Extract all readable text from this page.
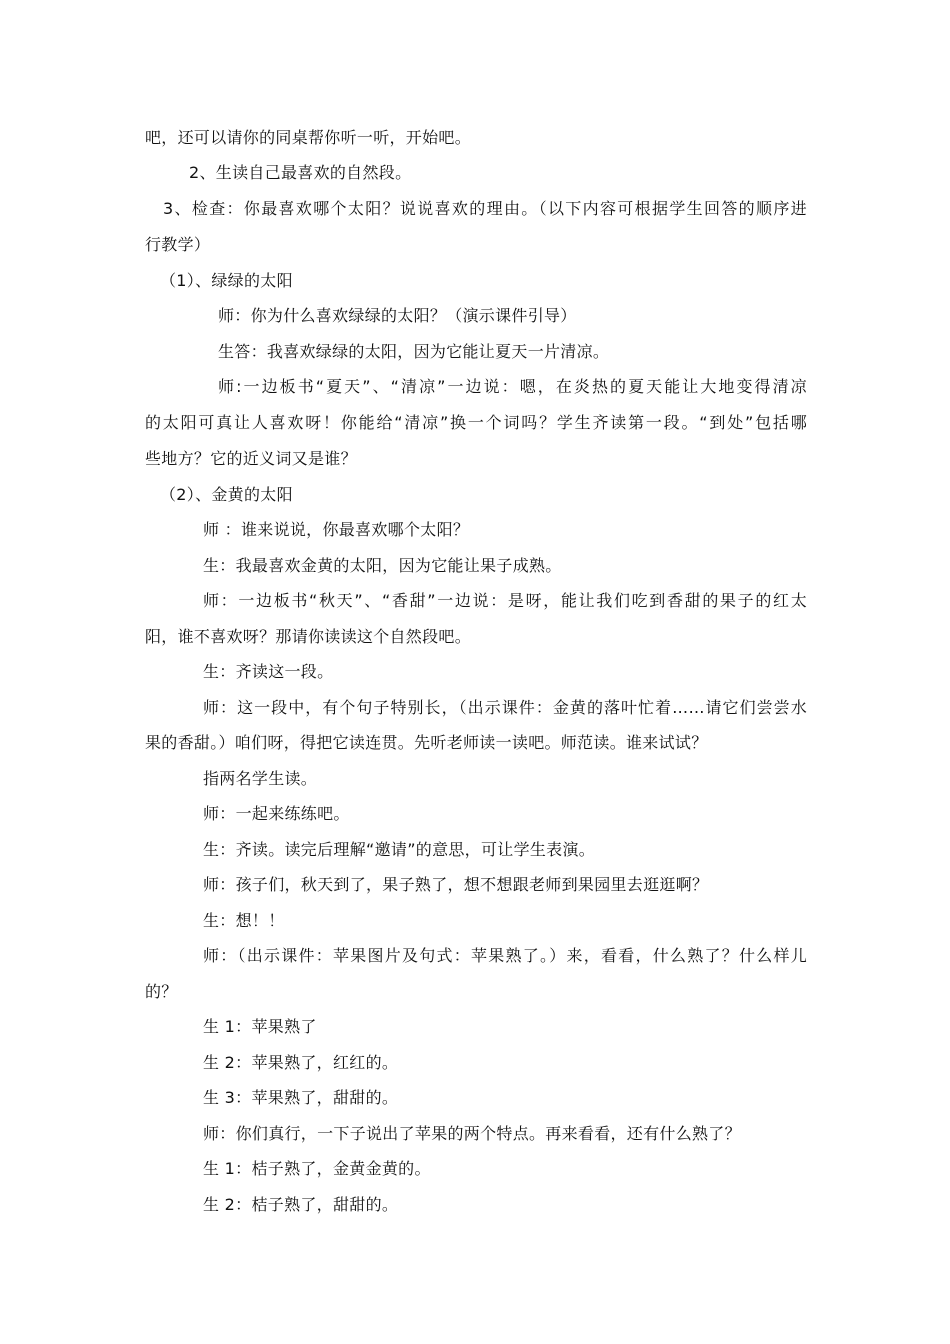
吧，还可以请你的同桌帮你听一听，开始吧。
2、生读自己最喜欢的自然段。
3、检查：你最喜欢哪个太阳？说说喜欢的理由。（以下内容可根据学生回答的顺序进
行教学）
（1）、绿绿的太阳
师：你为什么喜欢绿绿的太阳？（演示课件引导）
生答：我喜欢绿绿的太阳，因为它能让夏天一片清凉。
师:一边板书“夏天”、“清凉”一边说：嗯，在炎热的夏天能让大地变得清凉
的太阳可真让人喜欢呀！你能给“清凉”换一个词吗？学生齐读第一段。“到处”包括哪
些地方？它的近义词又是谁？
（2）、金黄的太阳
师 ：谁来说说，你最喜欢哪个太阳？
生：我最喜欢金黄的太阳，因为它能让果子成熟。
师：一边板书“秋天”、“香甜”一边说：是呀，能让我们吃到香甜的果子的红太
阳，谁不喜欢呀？那请你读读这个自然段吧。
生：齐读这一段。
师：这一段中，有个句子特别长，（出示课件：金黄的落叶忙着……请它们尝尝水
果的香甜。）咱们呀，得把它读连贯。先听老师读一读吧。师范读。谁来试试？
指两名学生读。
师：一起来练练吧。
生：齐读。读完后理解“邀请”的意思，可让学生表演。
师：孩子们，秋天到了，果子熟了，想不想跟老师到果园里去逛逛啊？
生：想！！
师：（出示课件：苹果图片及句式：苹果熟了。）来，看看，什么熟了？什么样儿
的？
生 1：苹果熟了
生 2：苹果熟了，红红的。
生 3：苹果熟了，甜甜的。
师：你们真行，一下子说出了苹果的两个特点。再来看看，还有什么熟了？
生 1：桔子熟了，金黄金黄的。
生 2：桔子熟了，甜甜的。
